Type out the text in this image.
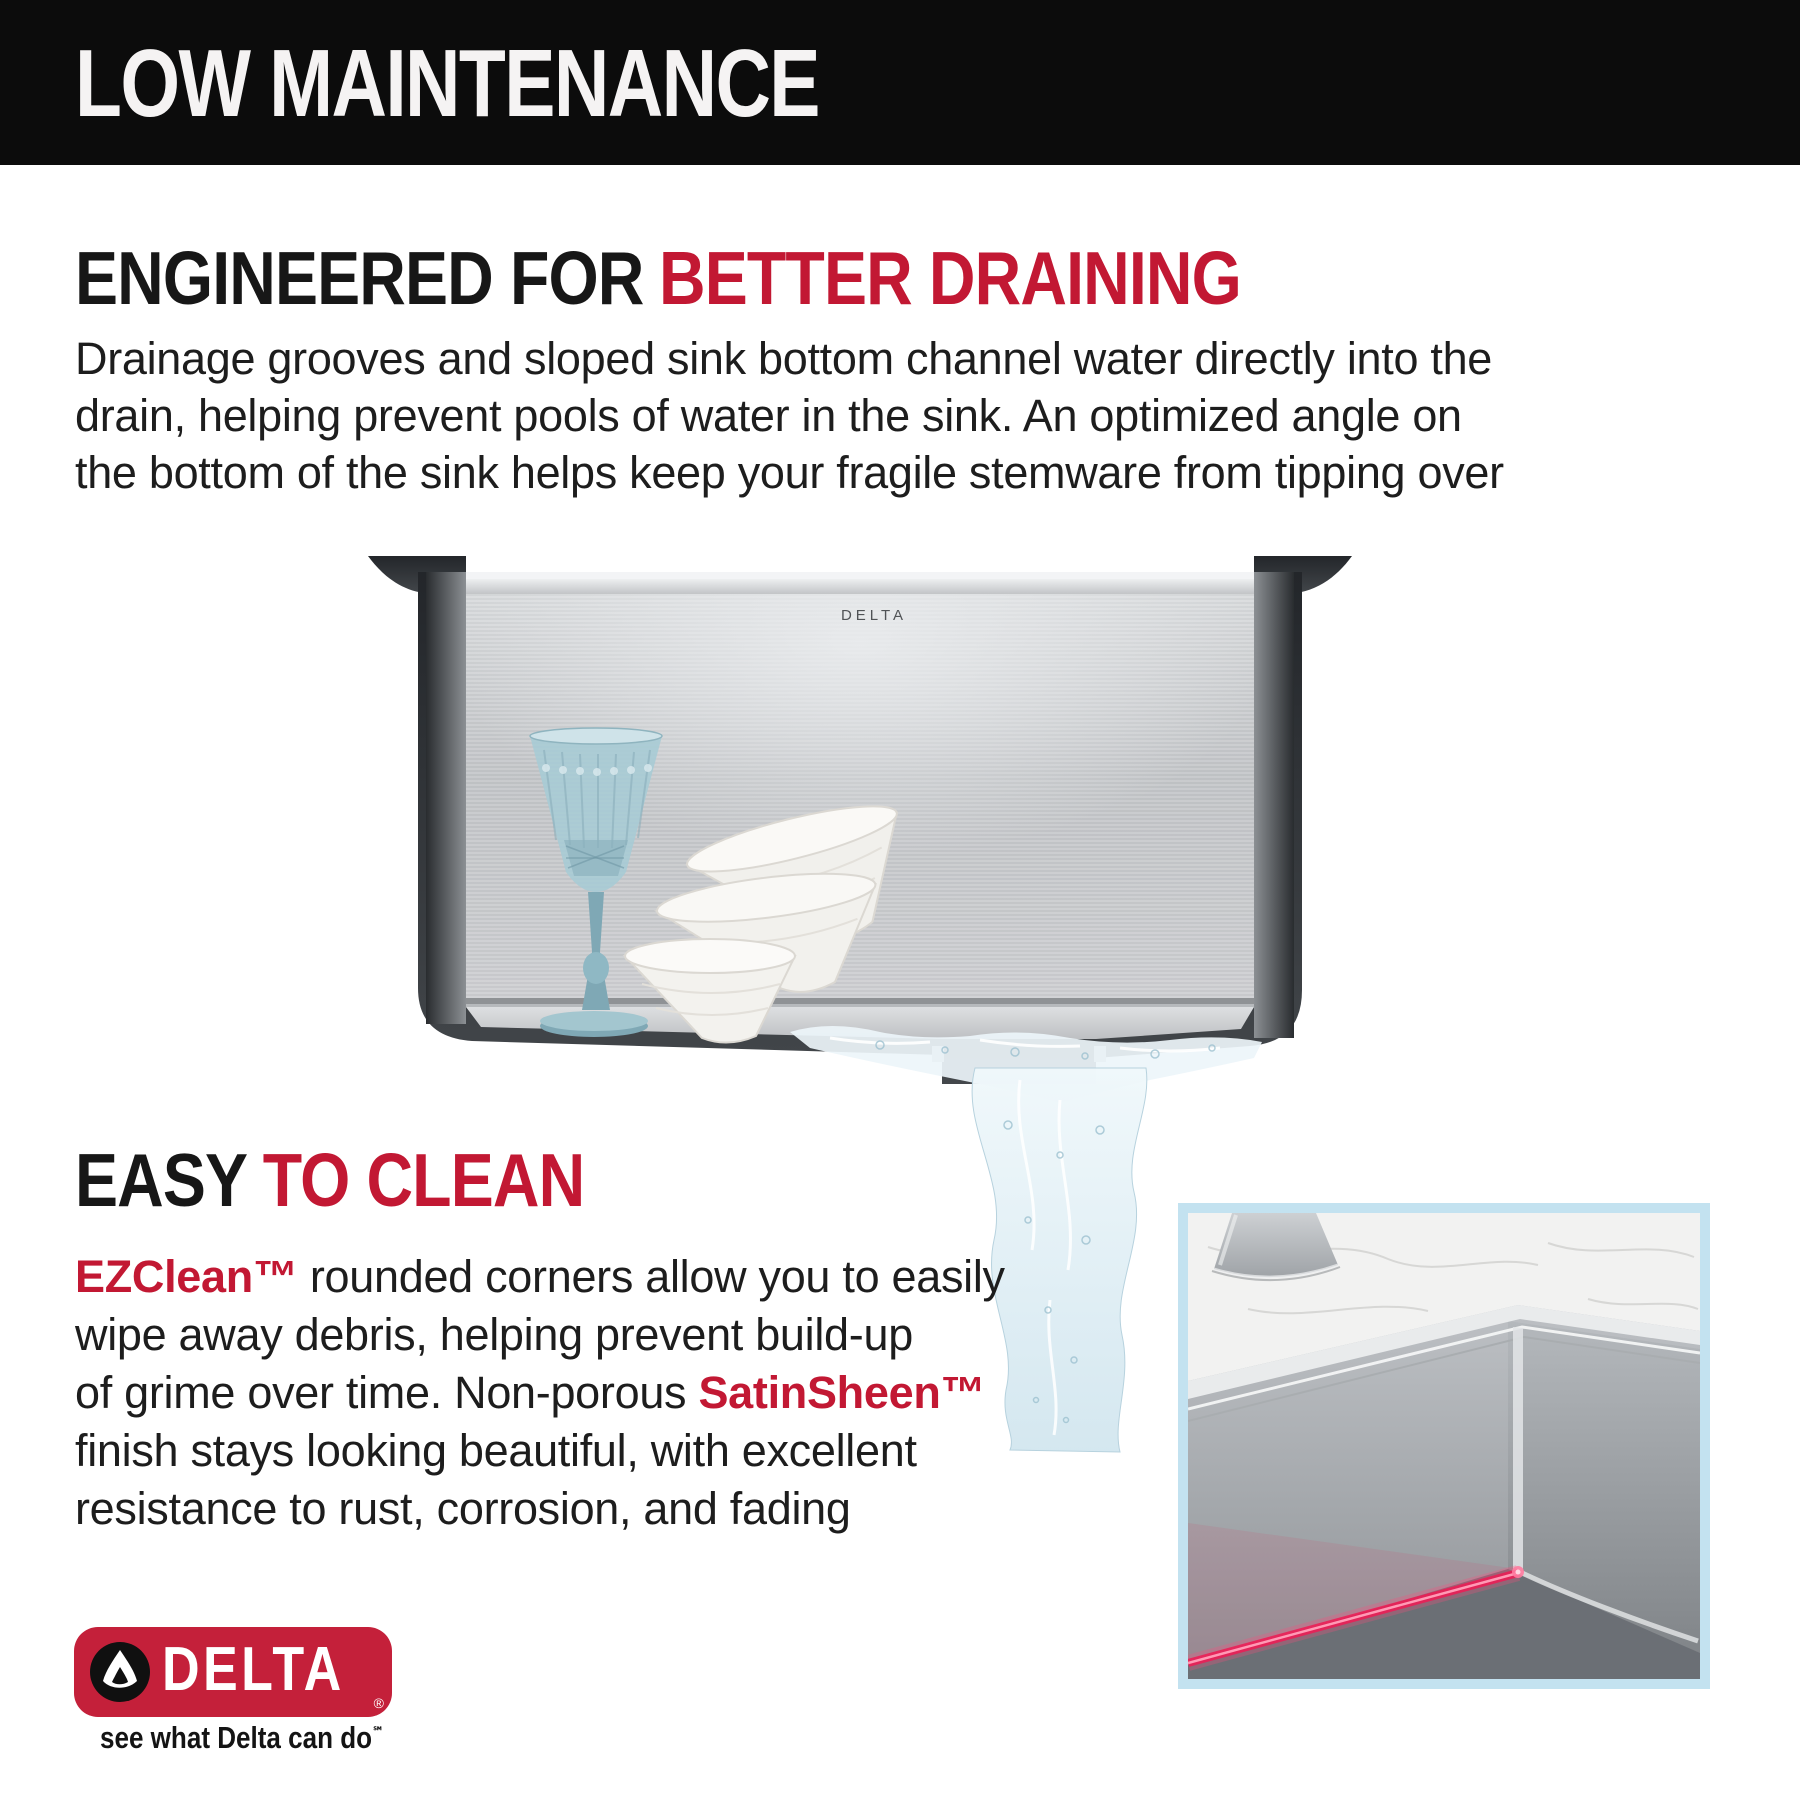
LOW MAINTENANCE
ENGINEERED FOR BETTER DRAINING
Drainage grooves and sloped sink bottom channel water directly into the
drain, helping prevent pools of water in the sink. An optimized angle on
the bottom of the sink helps keep your fragile stemware from tipping over
DELTA
EASY TO CLEAN
EZClean™ rounded corners allow you to easily
wipe away debris, helping prevent build-up
of grime over time. Non-porous SatinSheen™
finish stays looking beautiful, with excellent
resistance to rust, corrosion, and fading
DELTA	®
see what Delta can do℠
